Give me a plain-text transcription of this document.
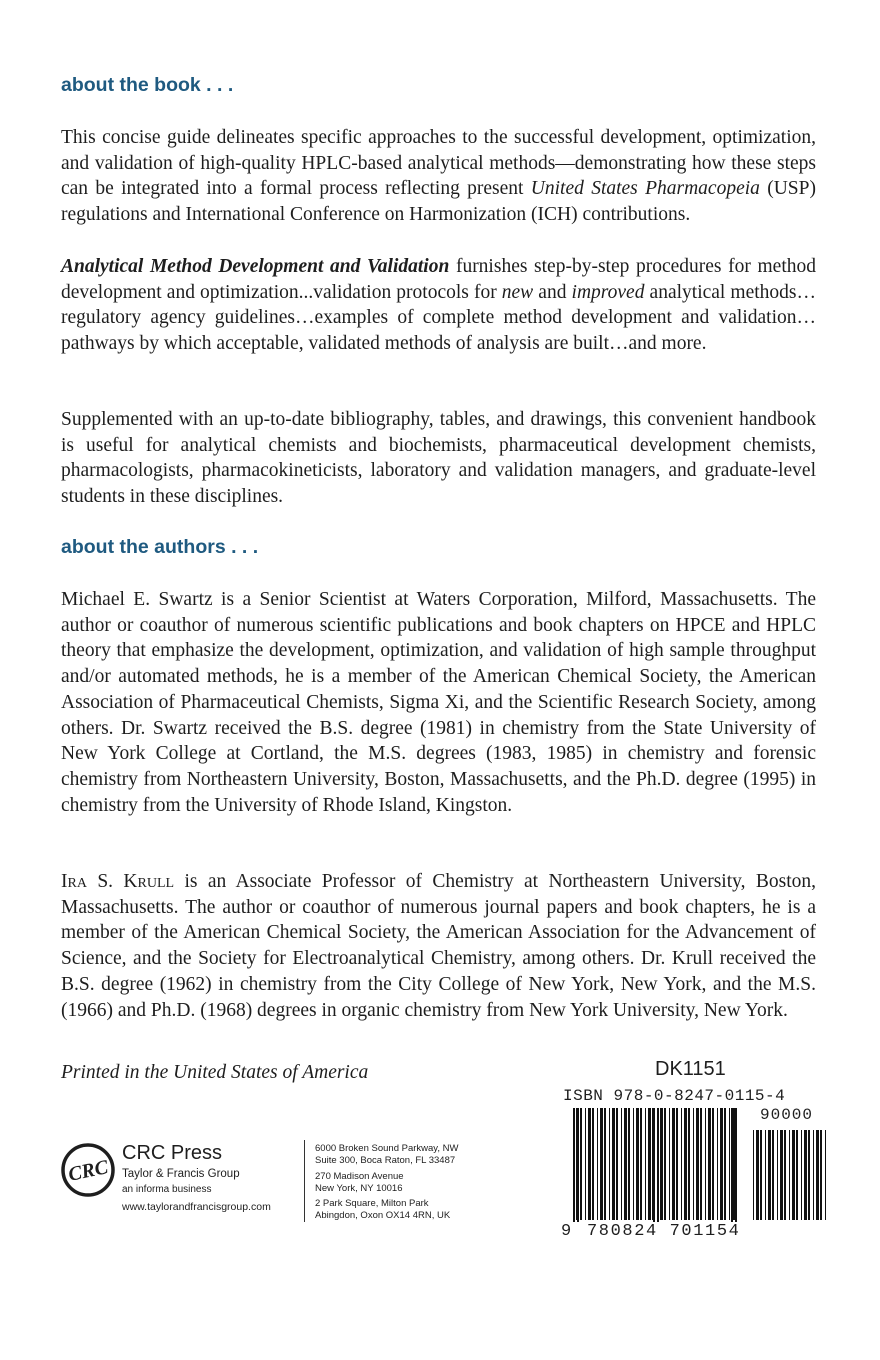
about the book . . .

This concise guide delineates specific approaches to the successful development, optimization, and validation of high-quality HPLC-based analytical methods—demonstrating how these steps can be integrated into a formal process reflecting present United States Pharmacopeia (USP) regulations and International Conference on Harmonization (ICH) contributions.

Analytical Method Development and Validation furnishes step-by-step procedures for method development and optimization...validation protocols for new and improved analytical methods…regulatory agency guidelines…examples of complete method development and validation…pathways by which acceptable, validated methods of analysis are built…and more.

Supplemented with an up-to-date bibliography, tables, and drawings, this convenient handbook is useful for analytical chemists and biochemists, pharmaceutical development chemists, pharmacologists, pharmacokineticists, laboratory and validation managers, and graduate-level students in these disciplines.

about the authors . . .

Michael E. Swartz is a Senior Scientist at Waters Corporation, Milford, Massachusetts. The author or coauthor of numerous scientific publications and book chapters on HPCE and HPLC theory that emphasize the development, optimization, and validation of high sample throughput and/or automated methods, he is a member of the American Chemical Society, the American Association of Pharmaceutical Chemists, Sigma Xi, and the Scientific Research Society, among others. Dr. Swartz received the B.S. degree (1981) in chemistry from the State University of New York College at Cortland, the M.S. degrees (1983, 1985) in chemistry and forensic chemistry from Northeastern University, Boston, Massachusetts, and the Ph.D. degree (1995) in chemistry from the University of Rhode Island, Kingston.

Ira S. Krull is an Associate Professor of Chemistry at Northeastern University, Boston, Massachusetts. The author or coauthor of numerous journal papers and book chapters, he is a member of the American Chemical Society, the American Association for the Advancement of Science, and the Society for Electroanalytical Chemistry, among others. Dr. Krull received the B.S. degree (1962) in chemistry from the City College of New York, New York, and the M.S. (1966) and Ph.D. (1968) degrees in organic chemistry from New York University, New York.

Printed in the United States of America
CRC
CRC Press
Taylor & Francis Group
an informa business
www.taylorandfrancisgroup.com
6000 Broken Sound Parkway, NW
Suite 300, Boca Raton, FL 33487
270 Madison Avenue
New York, NY 10016
2 Park Square, Milton Park
Abingdon, Oxon OX14 4RN, UK
DK1151
ISBN 978-0-8247-0115-4
90000
9 780824 701154
